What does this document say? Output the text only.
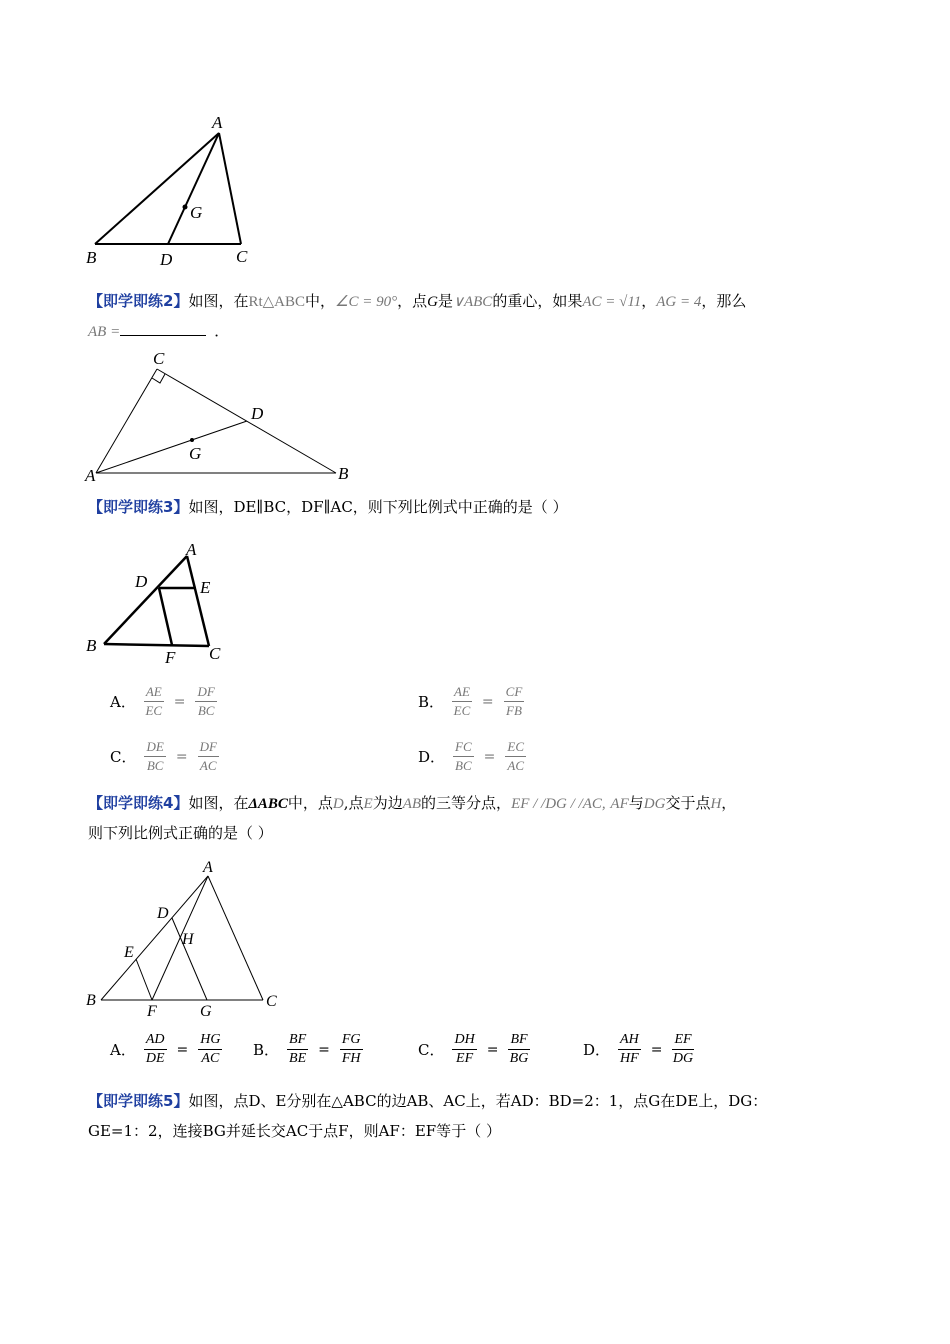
A
G
B	D	C
【即学即练2】如图，在Rt△ABC中，∠C = 90°，点G是∨ABC的重心，如果AC = √11，AG = 4，那么
AB =	．
C
D
G
A	B
【即学即练3】如图，DE∥BC，DF∥AC，则下列比例式中正确的是（ ）
A
D	E
B
F C
A． $\frac{AE}{EC} = \frac{DF}{BC}$	B． $\frac{AE}{EC} = \frac{CF}{FB}$
C． $\frac{DE}{BC} = \frac{DF}{AC}$	D． $\frac{FC}{BC} = \frac{EC}{AC}$
【即学即练4】如图，在ΔABC中，点D,点E为边AB的三等分点，EF / /DG / /AC, AF与DG交于点H，
则下列比例式正确的是（ ）
A
D
H
E
B
F	G
C
A． $\frac{AD}{DE} = \frac{HG}{AC}$ B． $\frac{BF}{BE} = \frac{FG}{FH}$	C． $\frac{DH}{EF} = \frac{BF}{BG}$	D． $\frac{AH}{HF} = \frac{EF}{DG}$
【即学即练5】如图，点D、E分别在△ABC的边AB、AC上，若AD：BD=2：1，点G在DE上，DG：
GE=1：2，连接BG并延长交AC于点F，则AF：EF等于（ ）
